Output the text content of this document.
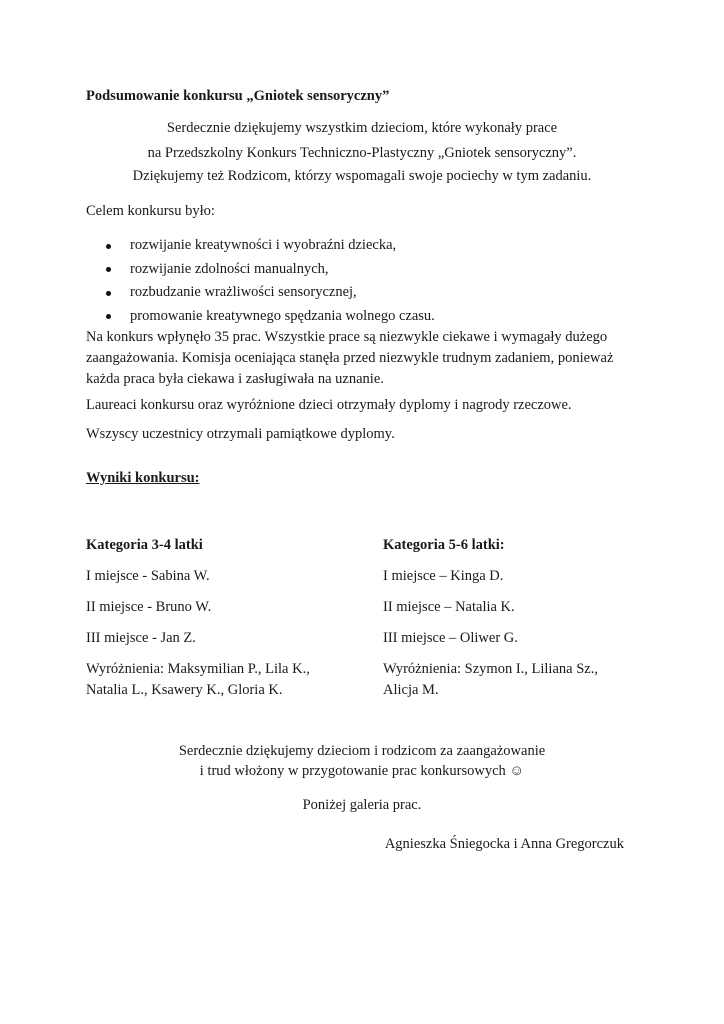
Podsumowanie konkursu „Gniotek sensoryczny”
Serdecznie dziękujemy wszystkim dzieciom, które wykonały prace
na Przedszkolny Konkurs Techniczno-Plastyczny „Gniotek sensoryczny”.
Dziękujemy też Rodzicom, którzy wspomagali swoje pociechy w tym zadaniu.
Celem konkursu było:
rozwijanie kreatywności i wyobraźni dziecka,
rozwijanie zdolności manualnych,
rozbudzanie wrażliwości sensorycznej,
promowanie kreatywnego spędzania wolnego czasu.
Na konkurs wpłynęło 35 prac. Wszystkie prace są niezwykle ciekawe i wymagały dużego zaangażowania. Komisja oceniająca stanęła przed niezwykle trudnym zadaniem, ponieważ każda praca była ciekawa i zasługiwała na uznanie.
Laureaci konkursu oraz wyróżnione dzieci otrzymały dyplomy i nagrody rzeczowe.
Wszyscy uczestnicy otrzymali pamiątkowe dyplomy.
Wyniki konkursu:
Kategoria 3-4 latki
I miejsce - Sabina W.
II miejsce - Bruno W.
III miejsce - Jan Z.
Wyróżnienia: Maksymilian P., Lila K., Natalia L., Ksawery K., Gloria K.
Kategoria 5-6 latki:
I miejsce – Kinga D.
II miejsce – Natalia K.
III miejsce – Oliwer G.
Wyróżnienia: Szymon I., Liliana Sz., Alicja M.
Serdecznie dziękujemy dzieciom i rodzicom za zaangażowanie
i trud włożony w przygotowanie prac konkursowych ☺
Poniżej galeria prac.
Agnieszka Śniegocka i Anna Gregorczuk
